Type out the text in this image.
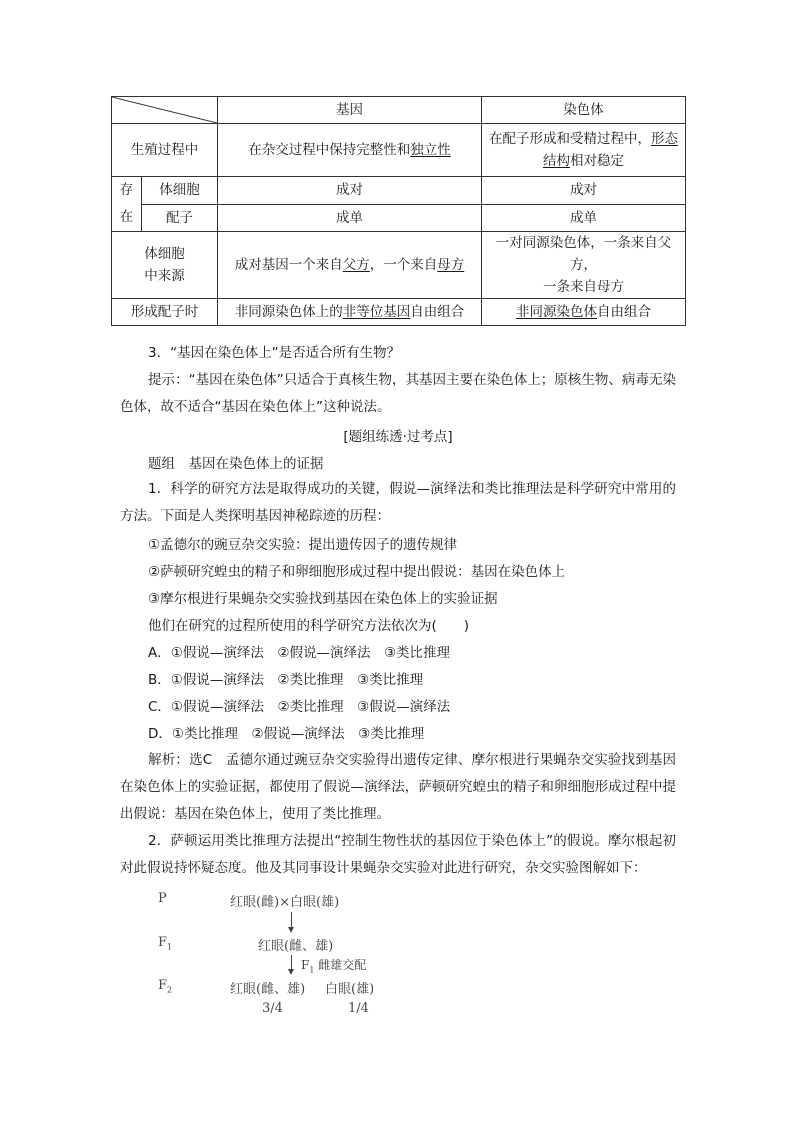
	基因	染色体
生殖过程中		在杂交过程中保持完整性和独立性	在配子形成和受精过程中，形态
结构相对稳定
存
在	体细胞	成对	成对
	配子	成单	成单
体细胞
中来源		成对基因一个来自父方，一个来自母方	一对同源染色体，一条来自父方，
一条来自母方
形成配子时		非同源染色体上的非等位基因自由组合	非同源染色体自由组合
3．“基因在染色体上”是否适合所有生物？
提示：“基因在染色体”只适合于真核生物，其基因主要在染色体上；原核生物、病毒无染色体，故不适合“基因在染色体上”这种说法。
[题组练透·过考点]
题组　基因在染色体上的证据
1．科学的研究方法是取得成功的关键，假说—演绎法和类比推理法是科学研究中常用的方法。下面是人类探明基因神秘踪迹的历程：
①孟德尔的豌豆杂交实验：提出遗传因子的遗传规律
②萨顿研究蝗虫的精子和卵细胞形成过程中提出假说：基因在染色体上
③摩尔根进行果蝇杂交实验找到基因在染色体上的实验证据
他们在研究的过程所使用的科学研究方法依次为(　　)
A．①假说—演绎法　②假说—演绎法　③类比推理
B．①假说—演绎法　②类比推理　③类比推理
C．①假说—演绎法　②类比推理　③假说—演绎法
D．①类比推理　②假说—演绎法　③类比推理
解析：选C　孟德尔通过豌豆杂交实验得出遗传定律、摩尔根进行果蝇杂交实验找到基因在染色体上的实验证据，都使用了假说—演绎法，萨顿研究蝗虫的精子和卵细胞形成过程中提出假说：基因在染色体上，使用了类比推理。
2．萨顿运用类比推理方法提出“控制生物性状的基因位于染色体上”的假说。摩尔根起初对此假说持怀疑态度。他及其同事设计果蝇杂交实验对此进行研究，杂交实验图解如下：
P	红眼(雌)×白眼(雄)
$F_1$	红眼(雌、雄)
$F_1$ 雌雄交配
$F_2$	红眼(雌、雄) 白眼(雄)
3/4	1/4
